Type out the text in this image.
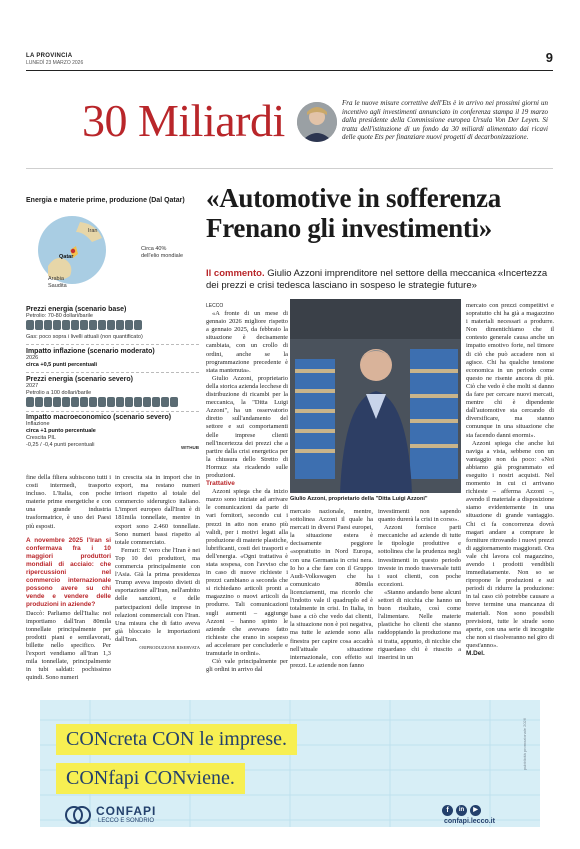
LA PROVINCIA
LUNEDÌ 23 MARZO 2026	9
30 Miliardi	Fra le nuove misure correttive dell'Ets è in arrivo nei prossimi giorni un incentivo agli investimenti annunciato in conferenza stampa il 19 marzo dalla presidente della Commissione europea Ursula Von Der Leyen. Si tratta dell'istituzione di un fondo da 30 miliardi alimentato dai ricavi delle quote Ets per finanziare nuovi progetti di decarbonizzazione.
Energia e materie prime, produzione (Dal Qatar)
Iran
Qatar
Arabia Saudita
Circa 40% dell'elio mondiale
Prezzi energia (scenario base)
Petrolio: 70-80 dollari/barile
Gas: poco sopra i livelli attuali (non quantificato)
Impatto inflazione (scenario moderato)
2026
circa +0,5 punti percentuali
Prezzi energia (scenario severo)
2027
Petrolio a 100 dollari/barile
Impatto macroeconomico (scenario severo)
Inflazione
circa +1 punto percentuale
Crescita PIL
-0,25 / -0,4 punti percentuali	WITHUB

fine della filiera subiscono tutti i costi intermedi, trasporto incluso. L'Italia, con poche materie prime energetiche e con una grande industria trasformatrice, è uno dei Paesi più esposti.

A novembre 2025 l'Iran si confermava fra i 10 maggiori produttori mondiali di acciaio: che ripercussioni nel commercio internazionale possono avere su chi vende e vendere delle produzioni in aziende?

Daccò: Parliamo dell'Italia: noi importiamo dall'Iran 80mila tonnellate principalmente per prodotti piani e semilavorati, billette nello specifico. Per l'export vendiamo all'Iran 1,3 mila tonnellate, principalmente in tubi saldati: pochissimo quindi. Sono numeri

in crescita sia in import che in export, ma restano numeri irrisori rispetto al totale del commercio siderurgico italiano. L'import europeo dall'Iran è di 181mila tonnellate, mentre in export sono 2.460 tonnellate. Sono numeri bassi rispetto al totale commerciato.

Ferrari: E' vero che l'Iran è nei Top 10 dei produttori, ma commercia principalmente con l'Asia. Già la prima presidenza Trump aveva imposto divieti di esportazione all'Iran, nell'ambito delle sanzioni, e delle partecipazioni delle imprese in relazioni commerciali con l'Iran. Una misura che di fatto aveva già bloccato le importazioni dall'Iran.

©RIPRODUZIONE RISERVATA

«Automotive in sofferenza
Frenano gli investimenti»
Il commento. Giulio Azzoni imprenditore nel settore della meccanica «Incertezza dei prezzi e crisi tedesca lasciano in sospeso le strategie future»

LECCO

«A fronte di un mese di gennaio 2026 migliore rispetto a gennaio 2025, da febbraio la situazione è decisamente cambiata, con un crollo di ordini, anche se la programmazione precedente è stata mantenuta».

Giulio Azzoni, proprietario della storica azienda lecchese di distribuzione di ricambi per la meccanica, la "Ditta Luigi Azzoni", ha un osservatorio diretto sull'andamento del settore e sui comportamenti delle imprese clienti nell'incertezza dei prezzi che a partire dalla crisi energetica per la chiusura dello Stretto di Hormuz sta ricadendo sulle produzioni.

Trattative

Azzoni spiega che da inizio marzo sono iniziate ad arrivare le comunicazioni da parte di vari fornitori, secondo cui i prezzi in atto non erano più validi, per i motivi legati alla produzione di materie plastiche, lubrificanti, costi dei trasporti e dell'energia. «Ogni trattativa è stata sospesa, con l'avviso che in caso di nuove richieste i prezzi cambiano a seconda che si richiedano articoli pronti a magazzino o nuovi articoli da produrre. Tali comunicazioni sugli aumenti – aggiunge Azzoni – hanno spinto le aziende che avevano fatto richieste che erano in sospeso ad accelerare per concluderle e tramutarle in ordini».

Ciò vale principalmente per gli ordini in arrivo dal

Giulio Azzoni, proprietario della "Ditta Luigi Azzoni"

mercato nazionale, mentre, sottolinea Azzoni il quale ha mercati in diversi Paesi europei, la situazione estera è decisamente peggiore «soprattutto in Nord Europa, con una Germania in crisi nera. Io ho a che fare con il Gruppo Audi-Volkswagen che ha comunicato 80mila licenziamenti, ma ricordo che l'indotto vale il quadruplo ed è totalmente in crisi. In Italia, in base a ciò che vedo dai clienti, la situazione non è poi negativa, ma tutte le aziende sono alla finestra per capire cosa accadrà nell'attuale situazione internazionale, con effetto sui prezzi. Le aziende non fanno

investimenti non sapendo quanto durerà la crisi in corso».

Azzoni fornisce parti meccaniche ad aziende di tutte le tipologie produttive e sottolinea che la prudenza negli investimenti in questo periodo investe in modo trasversale tutti i suoi clienti, con poche eccezioni.

«Stanno andando bene alcuni settori di nicchia che hanno un buon risultato, così come l'alimentare. Nelle materie plastiche ho clienti che stanno raddoppiando la produzione ma si tratta, appunto, di nicchie che riguardano chi è riuscito a inserirsi in un

mercato con prezzi competitivi e sopratutto chi ha già a magazzino i materiali necessari a produrre. Non dimentichiamo che il contesto generale causa anche un impatto emotivo forte, nel timore di ciò che può accadere non si agisce. Chi ha qualche tensione economica in un periodo come questo ne risente ancora di più. Ciò che vedo è che molti si danno da fare per cercare nuovi mercati, mentre chi è dipendente dall'automotive sta cercando di diversificare, ma stanno comunque in una situazione che sta facendo danni enormi».

Azzoni spiega che anche lui naviga a vista, sebbene con un vantaggio non da poco: «Noi abbiamo già programmato ed eseguito i nostri acquisti. Nel momento in cui ci arrivano richieste – afferma Azzoni –, avendo il materiale a disposizione siamo evidentemente in una situazione di grande vantaggio. Chi ci fa concorrenza dovrà magari andare a comprare le forniture ritrovando i nuovi prezzi di aggiornamento maggiorati. Ora vale chi lavora col magazzino, avendo i prodotti vendibili immediatamente. Non so se ripropone le produzioni e sui periodi di ridurre la produzione: in tal caso ciò potrebbe causare a breve termine una mancanza di materiali. Non sono possibili previsioni, tutte le strade sono aperte, con una serie di incognite che non si risolveranno nel giro di quest'anno».

M.Del.

pubblicità promozionale 2026
CONcreta CON le imprese.
CONfapi CONviene.
CONFAPI
LECCO E SONDRIO
f	in	▶
confapi.lecco.it
